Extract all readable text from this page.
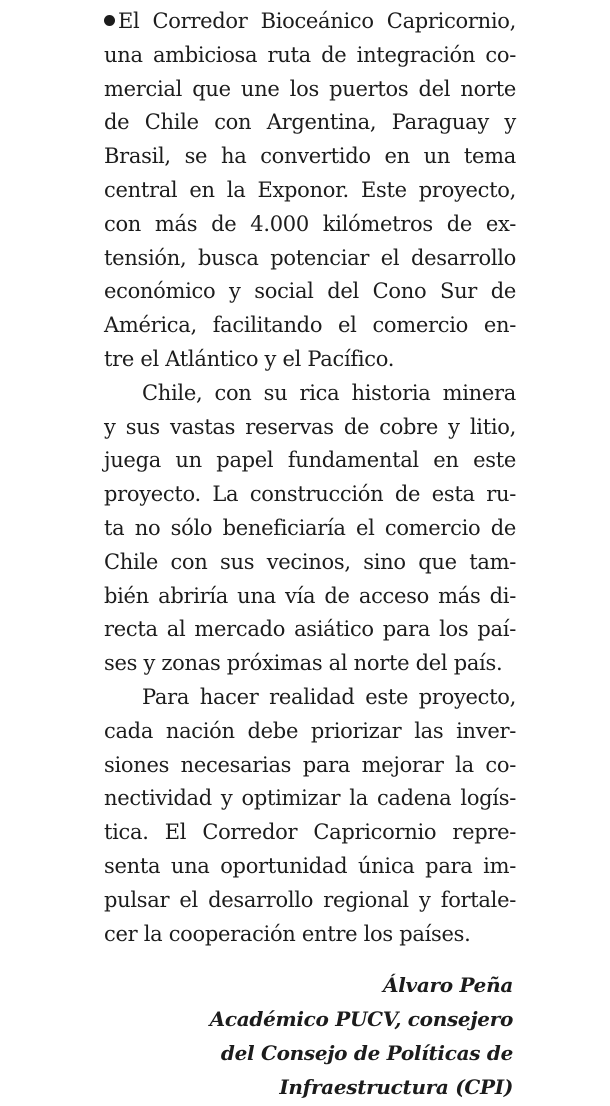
El Corredor Bioceánico Capricornio,
una ambiciosa ruta de integración co-
mercial que une los puertos del norte
de Chile con Argentina, Paraguay y
Brasil, se ha convertido en un tema
central en la Exponor. Este proyecto,
con más de 4.000 kilómetros de ex-
tensión, busca potenciar el desarrollo
económico y social del Cono Sur de
América, facilitando el comercio en-
tre el Atlántico y el Pacífico.
Chile, con su rica historia minera
y sus vastas reservas de cobre y litio,
juega un papel fundamental en este
proyecto. La construcción de esta ru-
ta no sólo beneficiaría el comercio de
Chile con sus vecinos, sino que tam-
bién abriría una vía de acceso más di-
recta al mercado asiático para los paí-
ses y zonas próximas al norte del país.
Para hacer realidad este proyecto,
cada nación debe priorizar las inver-
siones necesarias para mejorar la co-
nectividad y optimizar la cadena logís-
tica. El Corredor Capricornio repre-
senta una oportunidad única para im-
pulsar el desarrollo regional y fortale-
cer la cooperación entre los países.
Álvaro Peña
Académico PUCV, consejero
del Consejo de Políticas de
Infraestructura (CPI)
